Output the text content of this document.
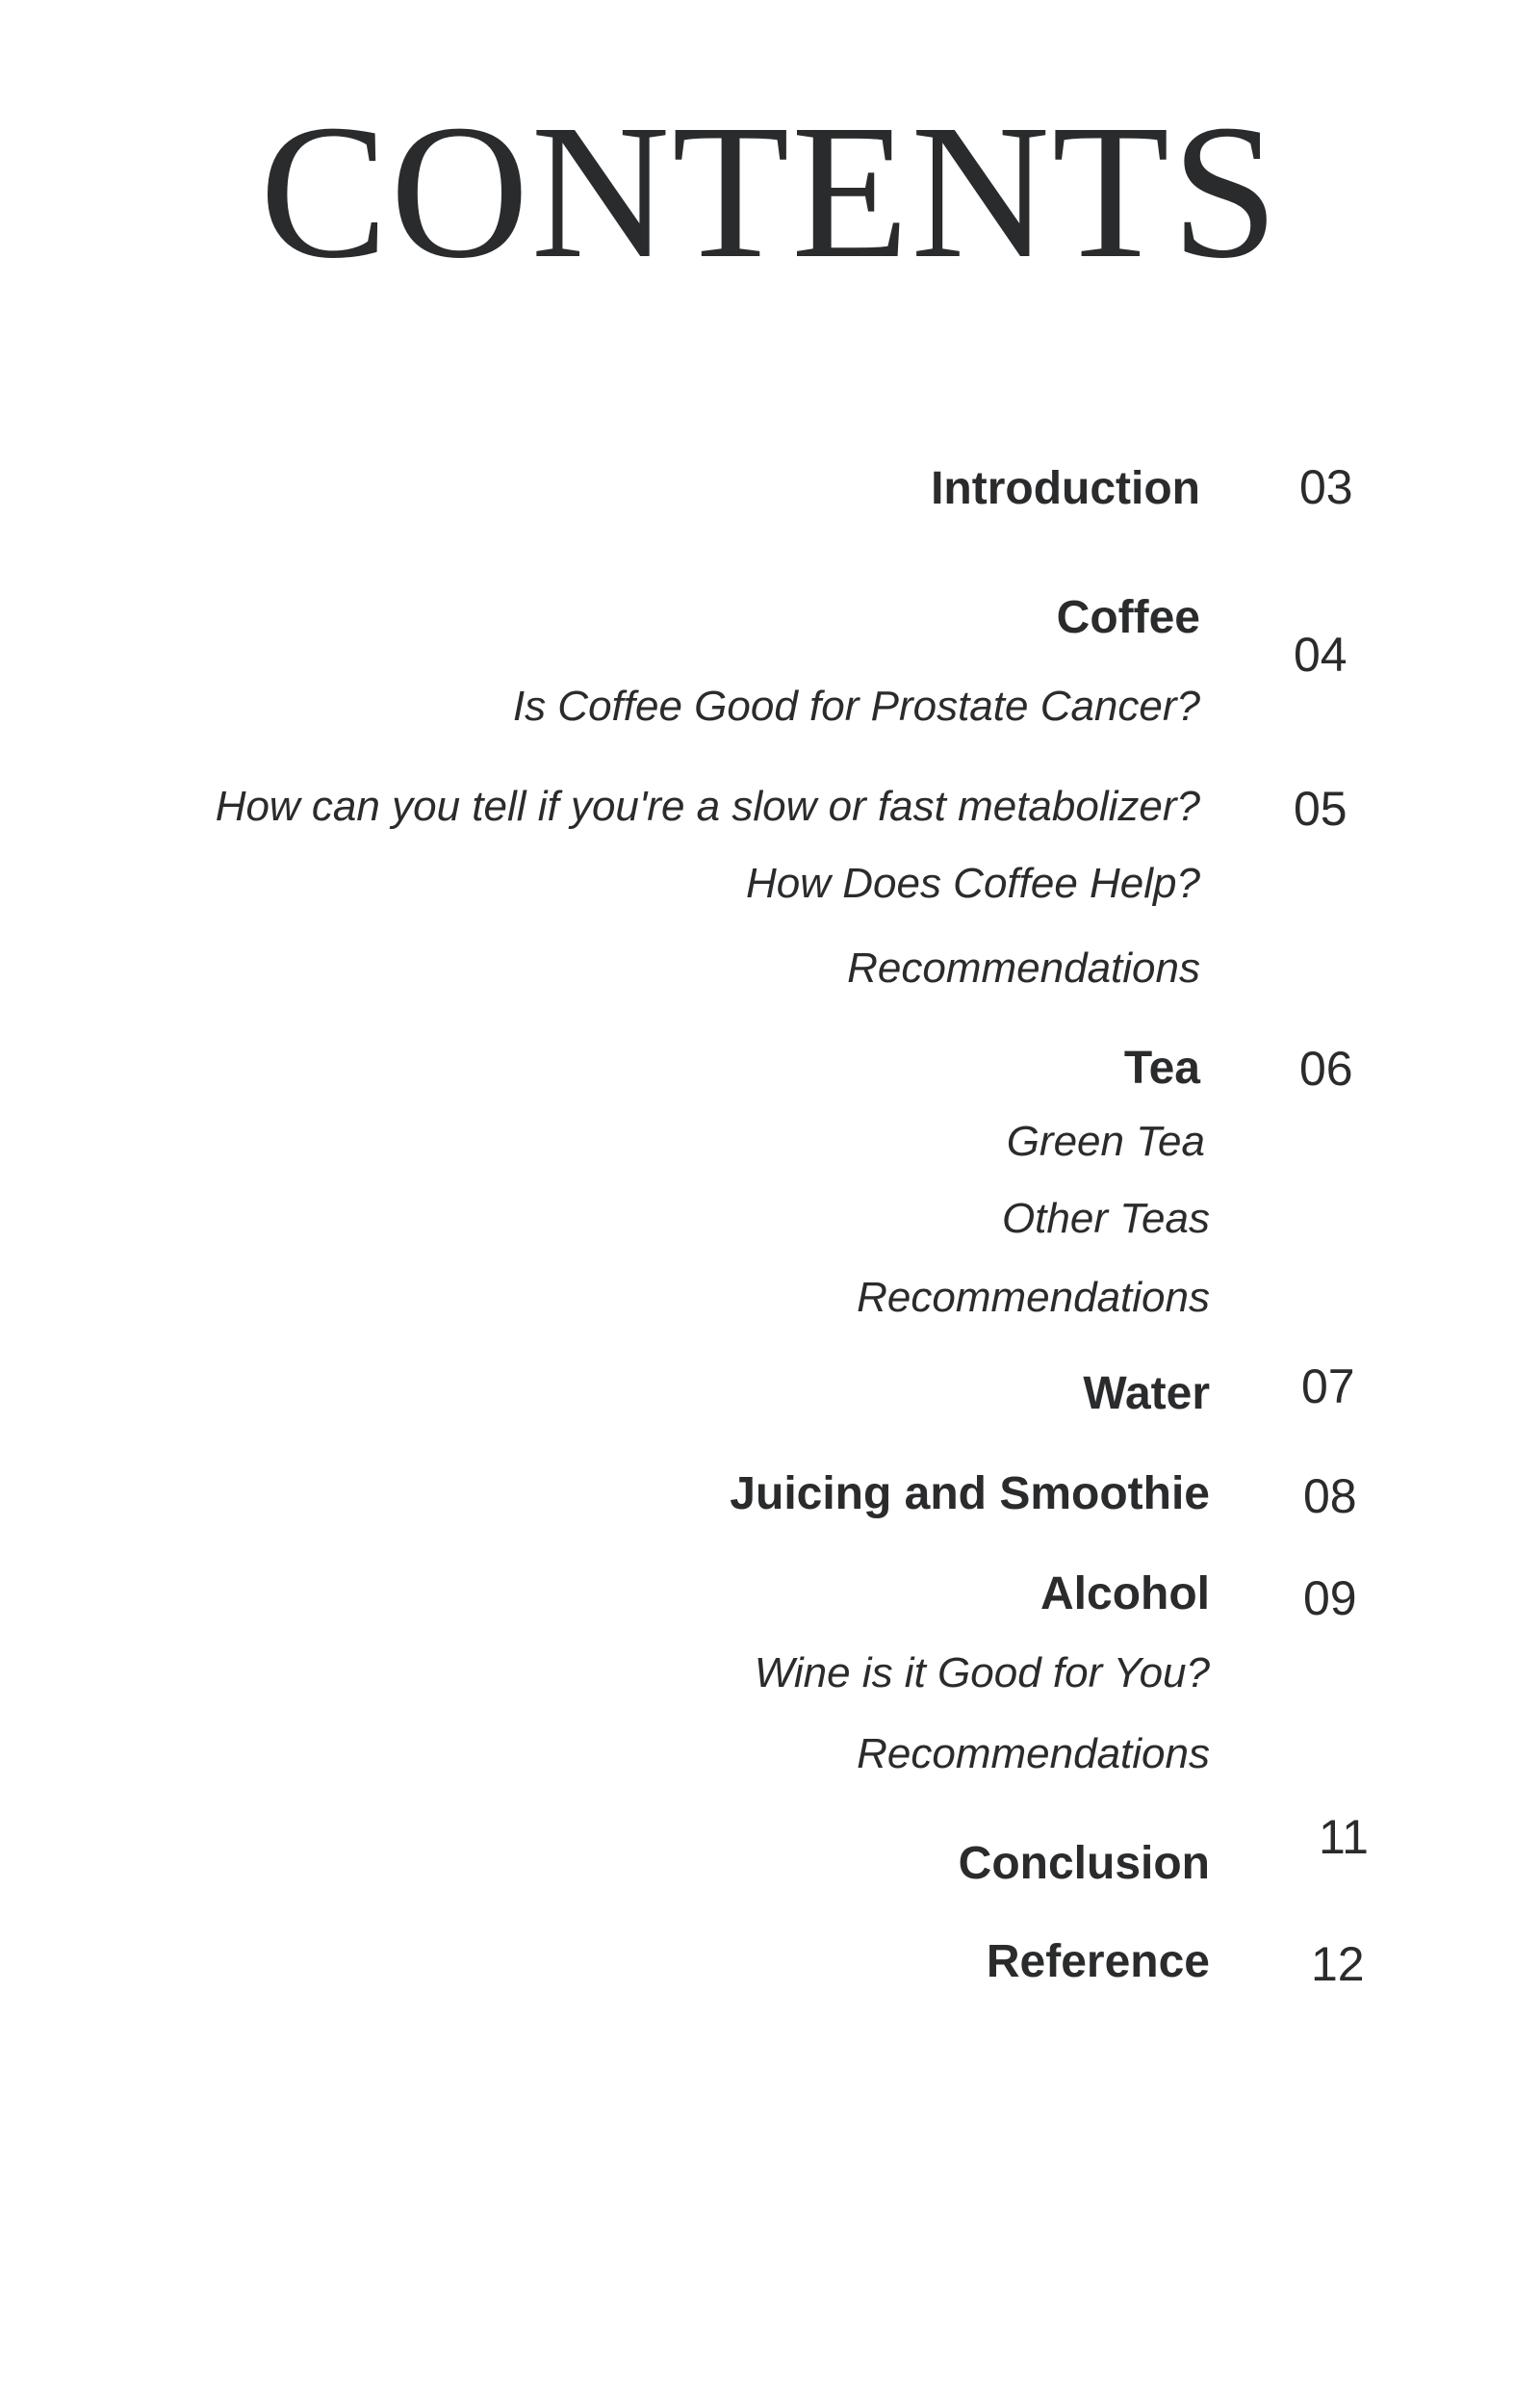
CONTENTS
Introduction 03
Coffee
04
Is Coffee Good for Prostate Cancer?
How can you tell if you're a slow or fast metabolizer? 05
How Does Coffee Help?
Recommendations
Tea 06
Green Tea
Other Teas
Recommendations
Water 07
Juicing and Smoothie 08
Alcohol 09
Wine is it Good for You?
Recommendations
Conclusion 11
Reference 12
